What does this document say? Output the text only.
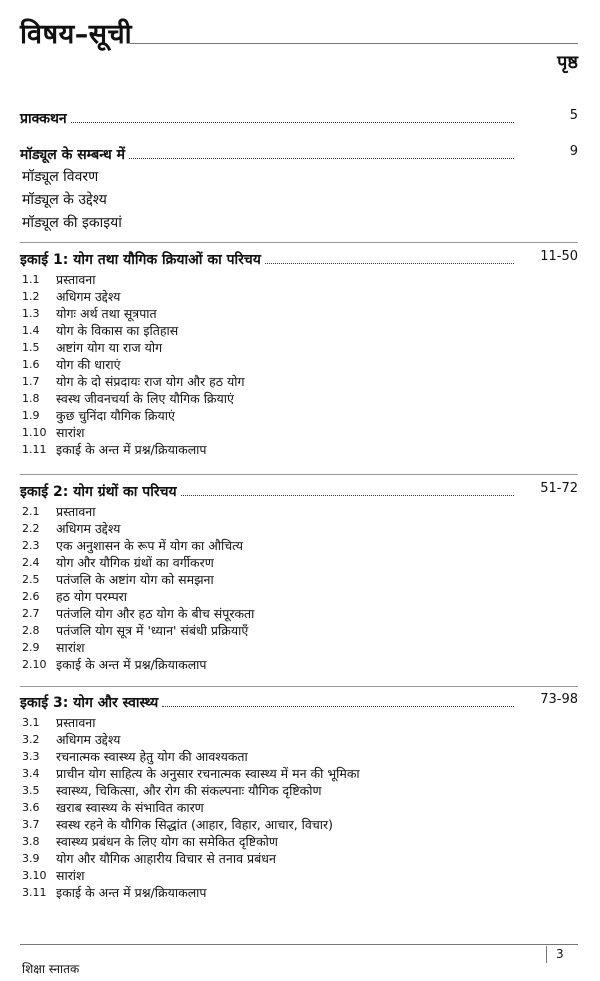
विषय–सूची
पृष्ठ
प्राक्कथन	5
मॉड्यूल के सम्बन्ध में	9
मॉड्यूल विवरण
मॉड्यूल के उद्देश्य
मॉड्यूल की इकाइयां
इकाई 1: योग तथा यौगिक क्रियाओं का परिचय	11-50
1.1	प्रस्तावना
1.2	अधिगम उद्देश्य
1.3	योगः अर्थ तथा सूत्रपात
1.4	योग के विकास का इतिहास
1.5	अष्टांग योग या राज योग
1.6	योग की धाराएं
1.7	योग के दो संप्रदायः राज योग और हठ योग
1.8	स्वस्थ जीवनचर्या के लिए यौगिक क्रियाएं
1.9	कुछ चुनिंदा यौगिक क्रियाएं
1.10 सारांश
1.11 इकाई के अन्त में प्रश्न/क्रियाकलाप
इकाई 2: योग ग्रंथों का परिचय	51-72
2.1	प्रस्तावना
2.2	अधिगम उद्देश्य
2.3	एक अनुशासन के रूप में योग का औचित्य
2.4	योग और यौगिक ग्रंथों का वर्गीकरण
2.5	पतंजलि के अष्टांग योग को समझना
2.6	हठ योग परम्परा
2.7	पतंजलि योग और हठ योग के बीच संपूरकता
2.8	पतंजलि योग सूत्र में 'ध्यान' संबंधी प्रक्रियाएँ
2.9	सारांश
2.10 इकाई के अन्त में प्रश्न/क्रियाकलाप
इकाई 3: योग और स्वास्थ्य	73-98
3.1	प्रस्तावना
3.2	अधिगम उद्देश्य
3.3	रचनात्मक स्वास्थ्य हेतु योग की आवश्यकता
3.4	प्राचीन योग साहित्य के अनुसार रचनात्मक स्वास्थ्य में मन की भूमिका
3.5	स्वास्थ्य, चिकित्सा, और रोग की संकल्पनाः यौगिक दृष्टिकोण
3.6	खराब स्वास्थ्य के संभावित कारण
3.7	स्वस्थ रहने के यौगिक सिद्धांत (आहार, विहार, आचार, विचार)
3.8	स्वास्थ्य प्रबंधन के लिए योग का समेकित दृष्टिकोण
3.9	योग और यौगिक आहारीय विचार से तनाव प्रबंधन
3.10 सारांश
3.11 इकाई के अन्त में प्रश्न/क्रियाकलाप
शिक्षा स्नातक
3
